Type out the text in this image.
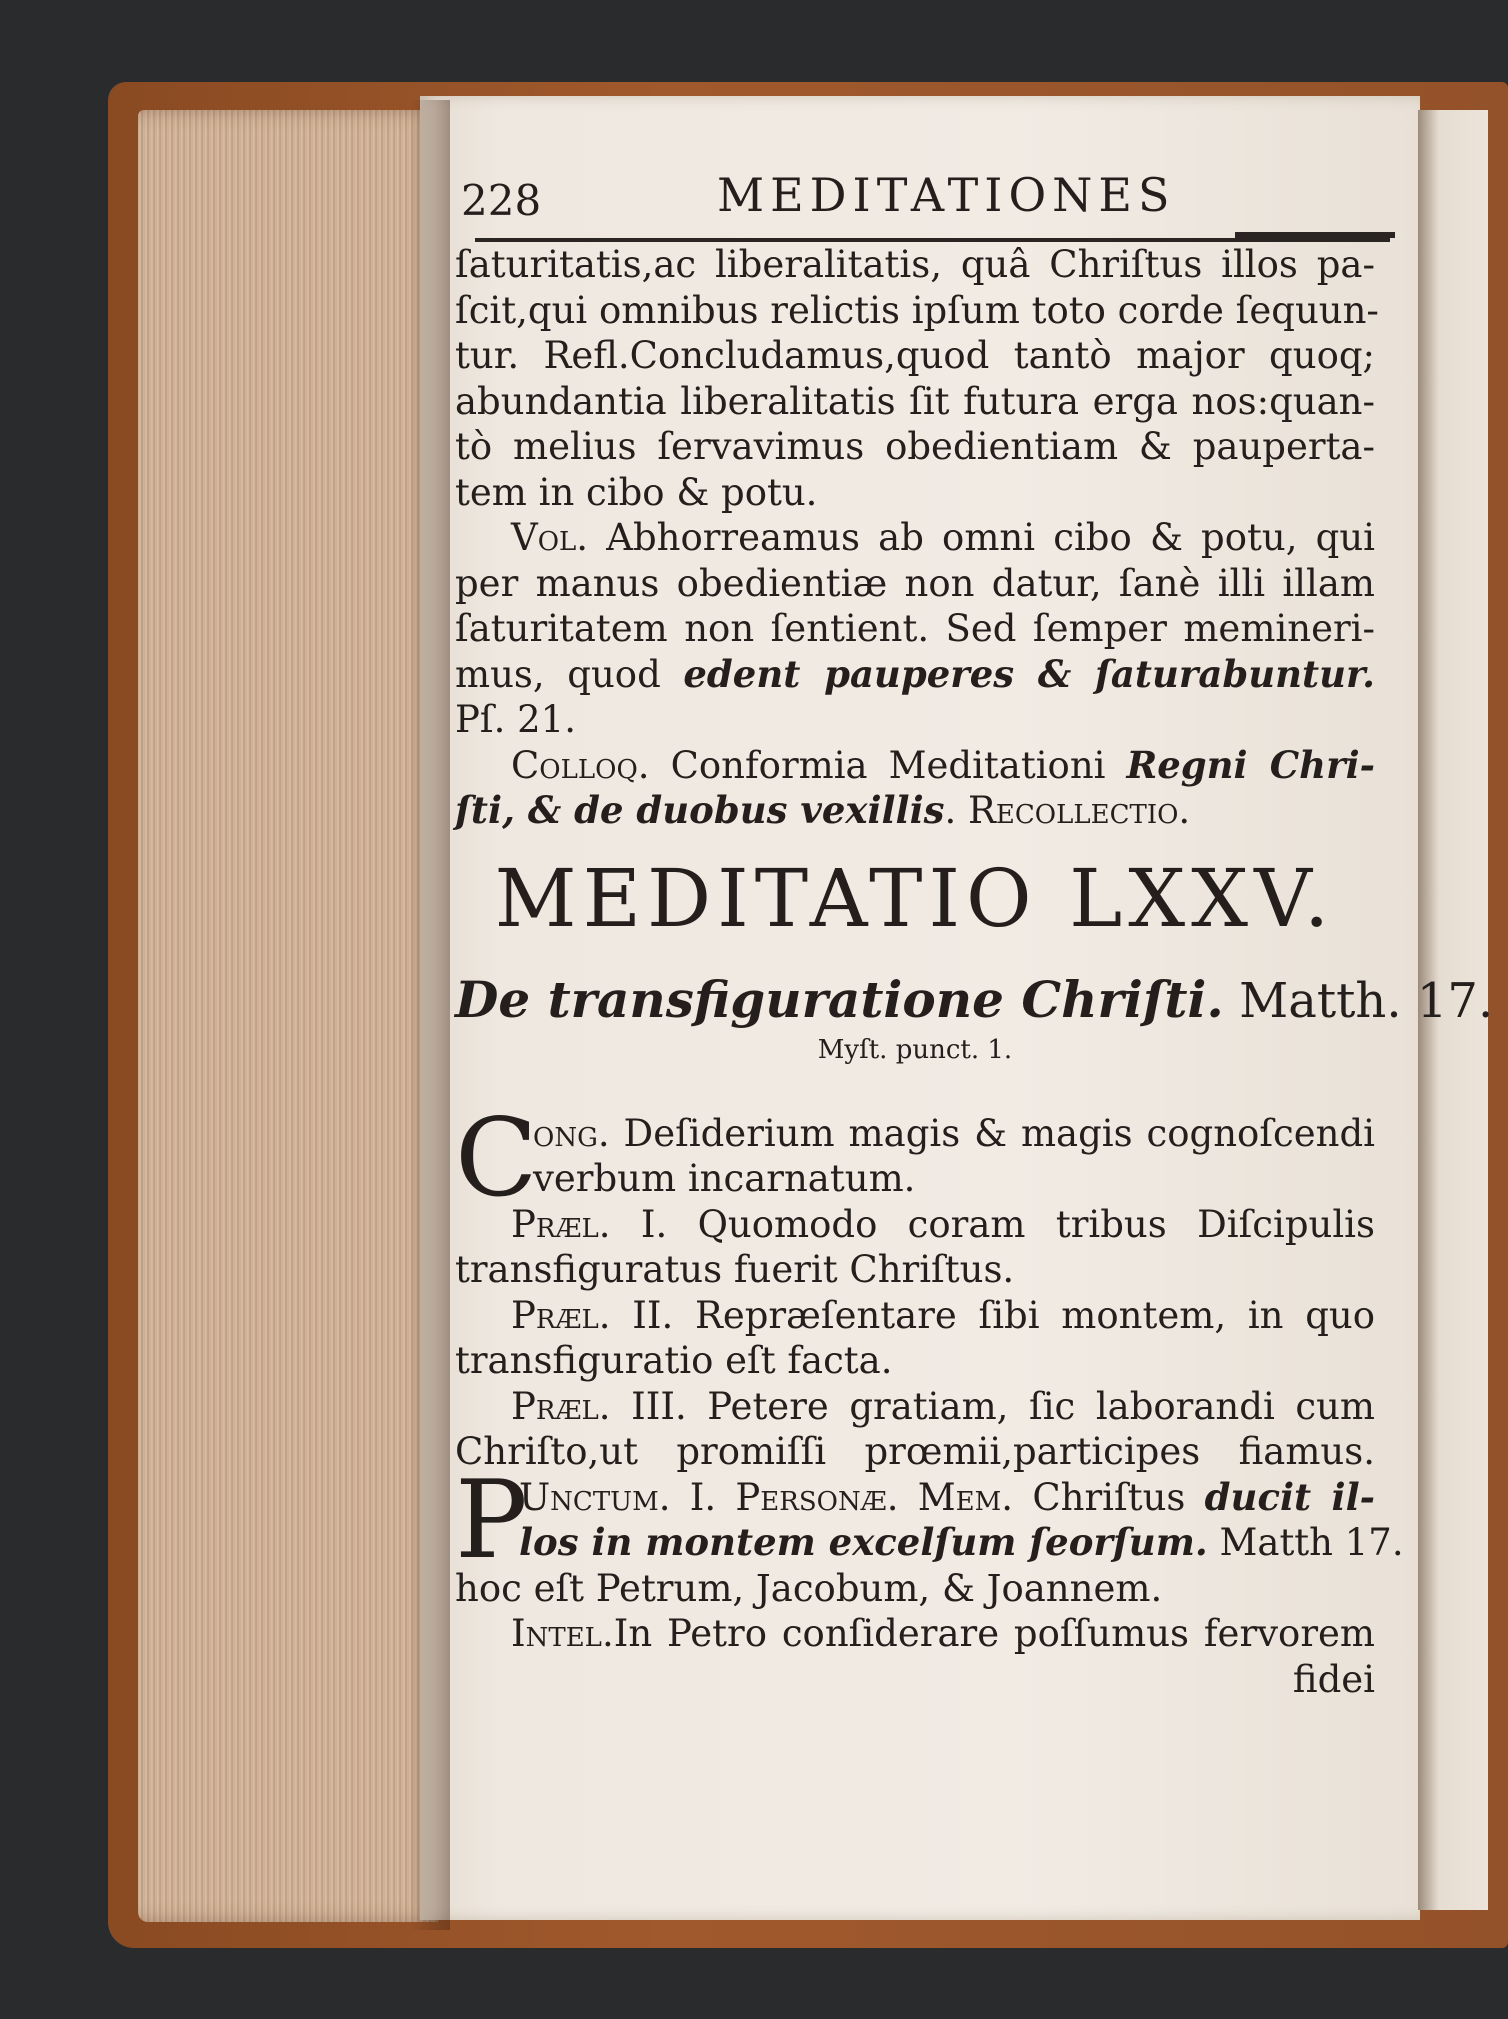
228	MEDITATIONES
ſaturitatis,ac liberalitatis, quâ Chriſtus illos pa-
ſcit,qui omnibus relictis ipſum toto corde ſequun-
tur. Refl.Concludamus,quod tantò major quoq;
abundantia liberalitatis ſit futura erga nos:quan-
tò melius ſervavimus obedientiam & pauperta-
tem in cibo & potu.
Vol. Abhorreamus ab omni cibo & potu, qui
per manus obedientiæ non datur, ſanè illi illam
ſaturitatem non ſentient. Sed ſemper memineri-
mus, quod edent pauperes & ſaturabuntur.
Pſ. 21.
Colloq. Conformia Meditationi Regni Chri-
ſti, & de duobus vexillis. Recollectio.
MEDITATIO LXXV.
De transfiguratione Chriſti. Matth. 17.
Myſt. punct. 1.
C
ong. Deſiderium magis & magis cognoſcendi
verbum incarnatum.
Præl. I. Quomodo coram tribus Diſcipulis
transfiguratus fuerit Chriſtus.
Præl. II. Repræſentare ſibi montem, in quo
transfiguratio eſt facta.
Præl. III. Petere gratiam, ſic laborandi cum
Chriſto,ut promiſſi prœmii,participes fiamus.
P
Unctum. I. Personæ. Mem. Chriſtus ducit il-
los in montem excelſum ſeorſum. Matth 17.
hoc eſt Petrum, Jacobum, & Joannem.
Intel.In Petro conſiderare poſſumus fervorem
fidei
